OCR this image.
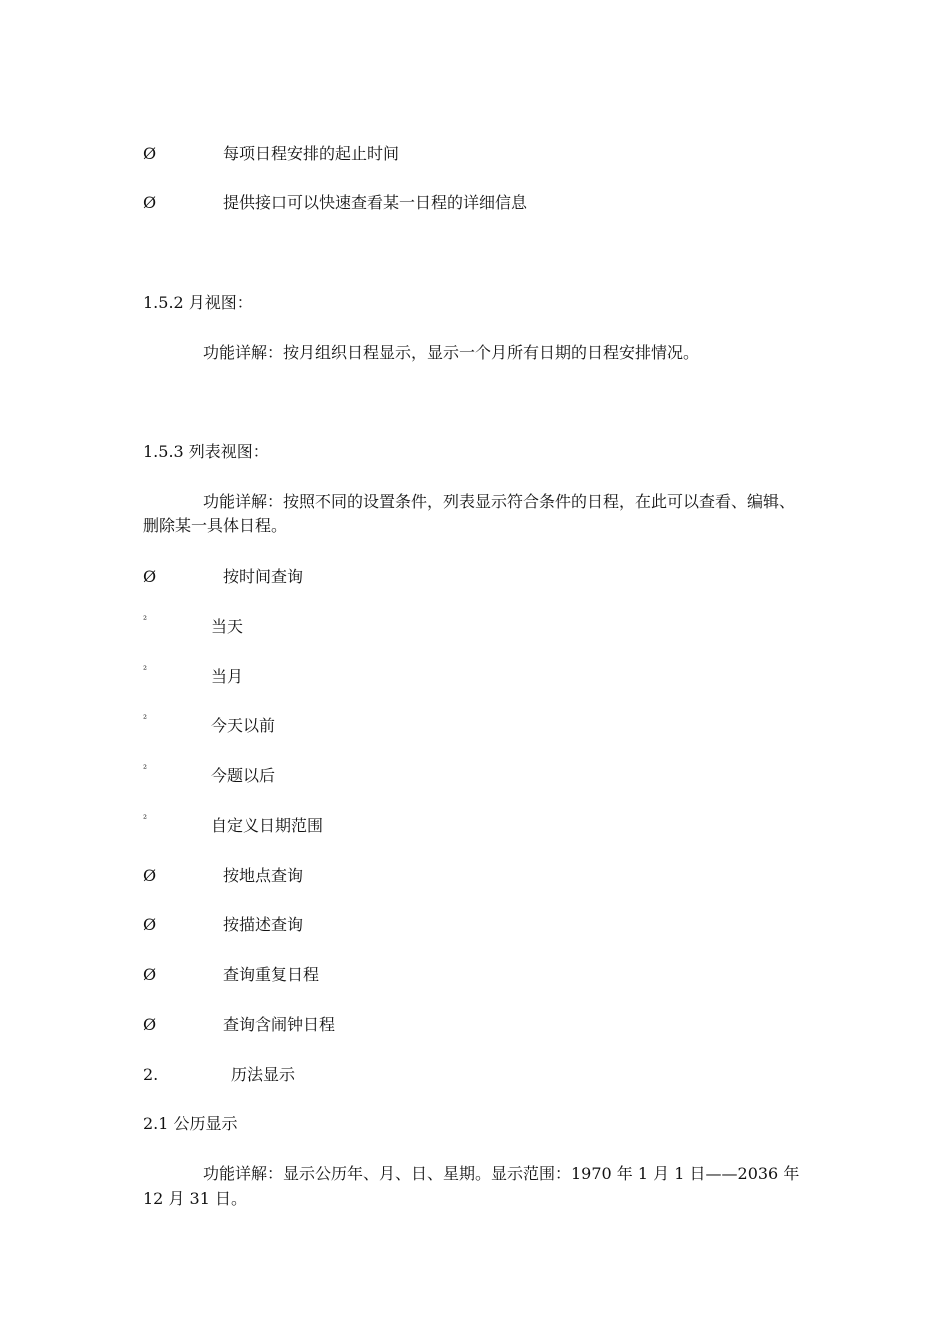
Ø	每项日程安排的起止时间
Ø	提供接口可以快速查看某一日程的详细信息
1.5.2 月视图：
功能详解：按月组织日程显示，显示一个月所有日期的日程安排情况。
1.5.3 列表视图：
功能详解：按照不同的设置条件，列表显示符合条件的日程，在此可以查看、编辑、
删除某一具体日程。
Ø	按时间查询
²	当天
²	当月
²	今天以前
²	今题以后
²	自定义日期范围
Ø	按地点查询
Ø	按描述查询
Ø	查询重复日程
Ø	查询含闹钟日程
2.	历法显示
2.1 公历显示
功能详解：显示公历年、月、日、星期。显示范围：1970 年 1 月 1 日——2036 年
12 月 31 日。
